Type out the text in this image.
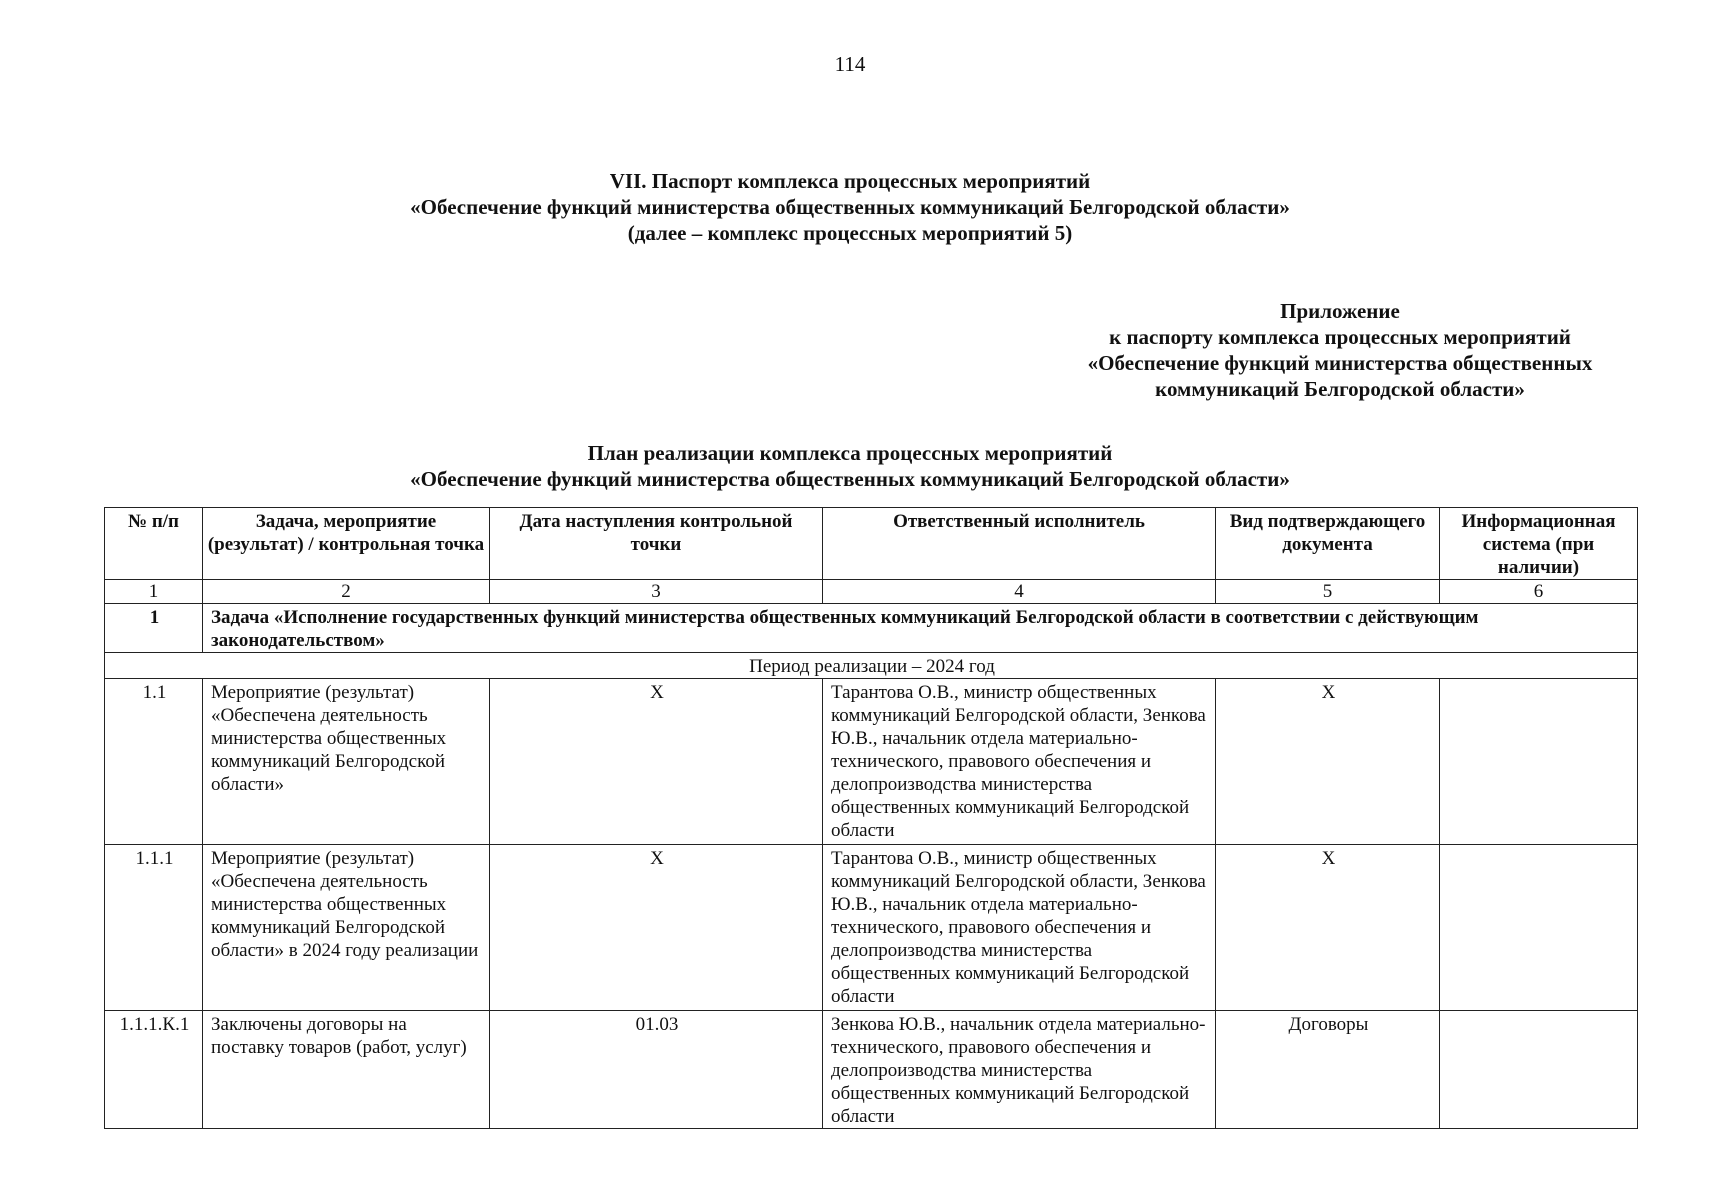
114
VII. Паспорт комплекса процессных мероприятий
«Обеспечение функций министерства общественных коммуникаций Белгородской области»
(далее – комплекс процессных мероприятий 5)
Приложение
к паспорту комплекса процессных мероприятий
«Обеспечение функций министерства общественных
коммуникаций Белгородской области»
План реализации комплекса процессных мероприятий
«Обеспечение функций министерства общественных коммуникаций Белгородской области»
№ п/п	Задача, мероприятие (результат) / контрольная точка	Дата наступления контрольной точки	Ответственный исполнитель	Вид подтверждающего документа	Информационная система (при наличии)
1	2	3	4	5	6
1	Задача «Исполнение государственных функций министерства общественных коммуникаций Белгородской области в соответствии с действующим законодательством»				
Период реализации – 2024 год					
1.1	Мероприятие (результат) «Обеспечена деятельность министерства общественных коммуникаций Белгородской области»	X	Тарантова О.В., министр общественных коммуникаций Белгородской области, Зенкова Ю.В., начальник отдела материально-технического, правового обеспечения и делопроизводства министерства общественных коммуникаций Белгородской области	X	
1.1.1	Мероприятие (результат) «Обеспечена деятельность министерства общественных коммуникаций Белгородской области» в 2024 году реализации	X	Тарантова О.В., министр общественных коммуникаций Белгородской области, Зенкова Ю.В., начальник отдела материально-технического, правового обеспечения и делопроизводства министерства общественных коммуникаций Белгородской области	X	
1.1.1.К.1	Заключены договоры на поставку товаров (работ, услуг)	01.03	Зенкова Ю.В., начальник отдела материально-технического, правового обеспечения и делопроизводства министерства общественных коммуникаций Белгородской области	Договоры	
